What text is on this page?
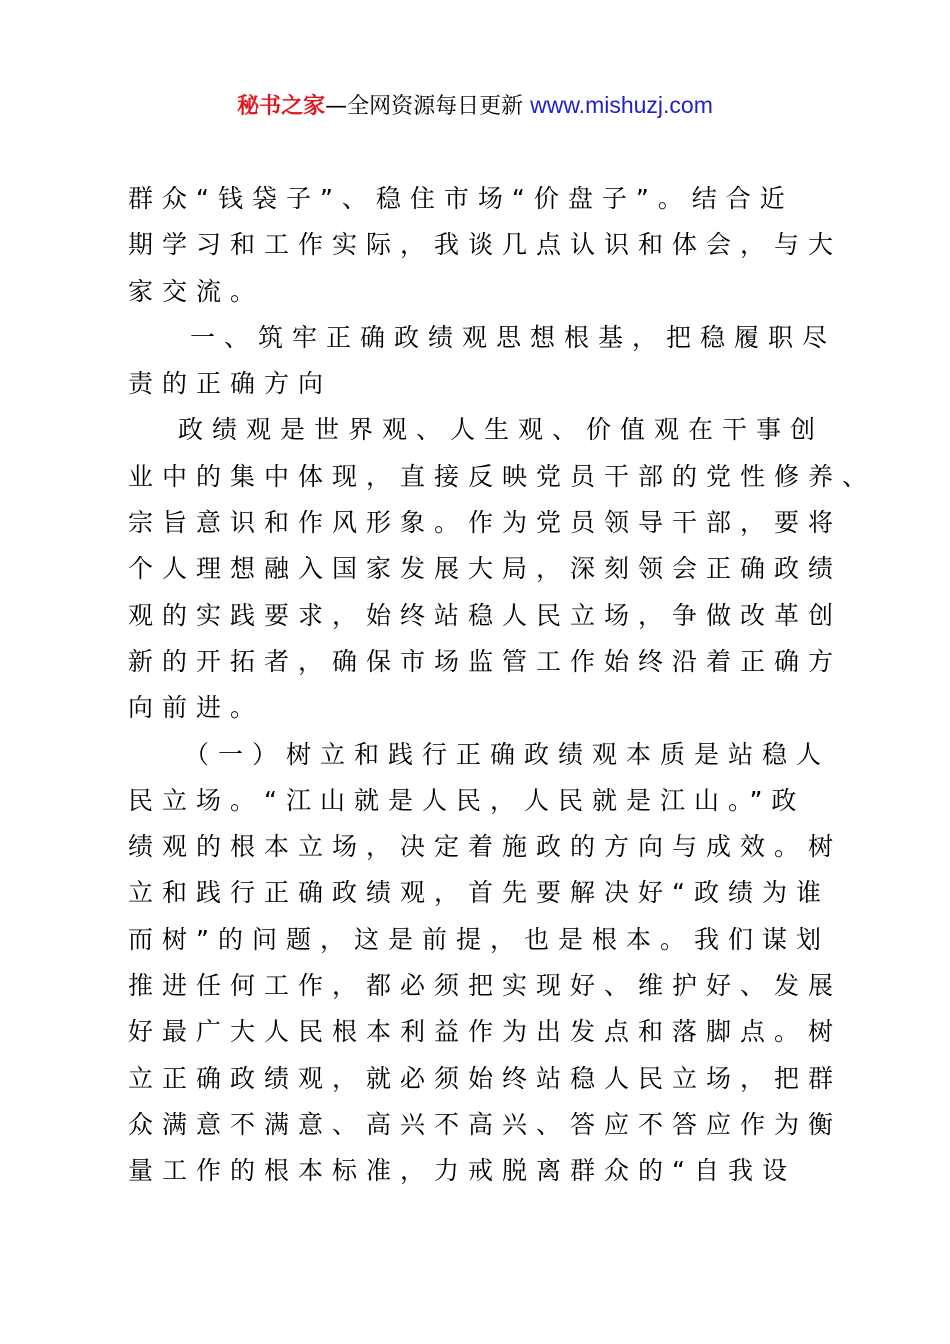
秘书之家—全网资源每日更新 www.mishuzj.com
群众“钱袋子”、稳住市场“价盘子”。结合近
期学习和工作实际，我谈几点认识和体会，与大
家交流。
一、筑牢正确政绩观思想根基，把稳履职尽
责的正确方向
政绩观是世界观、人生观、价值观在干事创
业中的集中体现，直接反映党员干部的党性修养、
宗旨意识和作风形象。作为党员领导干部，要将
个人理想融入国家发展大局，深刻领会正确政绩
观的实践要求，始终站稳人民立场，争做改革创
新的开拓者，确保市场监管工作始终沿着正确方
向前进。
（一）树立和践行正确政绩观本质是站稳人
民立场。“江山就是人民，人民就是江山。”政
绩观的根本立场，决定着施政的方向与成效。树
立和践行正确政绩观，首先要解决好“政绩为谁
而树”的问题，这是前提，也是根本。我们谋划
推进任何工作，都必须把实现好、维护好、发展
好最广大人民根本利益作为出发点和落脚点。树
立正确政绩观，就必须始终站稳人民立场，把群
众满意不满意、高兴不高兴、答应不答应作为衡
量工作的根本标准，力戒脱离群众的“自我设
